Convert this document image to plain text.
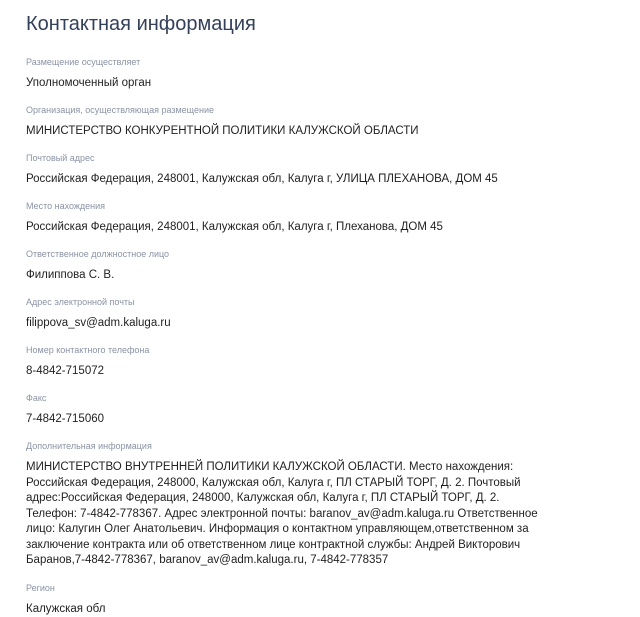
Контактная информация
Размещение осуществляет
Уполномоченный орган
Организация, осуществляющая размещение
МИНИСТЕРСТВО КОНКУРЕНТНОЙ ПОЛИТИКИ КАЛУЖСКОЙ ОБЛАСТИ
Почтовый адрес
Российская Федерация, 248001, Калужская обл, Калуга г, УЛИЦА ПЛЕХАНОВА, ДОМ 45
Место нахождения
Российская Федерация, 248001, Калужская обл, Калуга г, Плеханова, ДОМ 45
Ответственное должностное лицо
Филиппова С. В.
Адрес электронной почты
filippova_sv@adm.kaluga.ru
Номер контактного телефона
8-4842-715072
Факс
7-4842-715060
Дополнительная информация
МИНИСТЕРСТВО ВНУТРЕННЕЙ ПОЛИТИКИ КАЛУЖСКОЙ ОБЛАСТИ. Место нахождения: Российская Федерация, 248000, Калужская обл, Калуга г, ПЛ СТАРЫЙ ТОРГ, Д. 2. Почтовый адрес:Российская Федерация, 248000, Калужская обл, Калуга г, ПЛ СТАРЫЙ ТОРГ, Д. 2. Телефон: 7-4842-778367. Адрес электронной почты: baranov_av@adm.kaluga.ru Ответственное лицо: Калугин Олег Анатольевич. Информация о контактном управляющем,ответственном за заключение контракта или об ответственном лице контрактной службы: Андрей Викторович Баранов,7-4842-778367, baranov_av@adm.kaluga.ru, 7-4842-778357
Регион
Калужская обл
